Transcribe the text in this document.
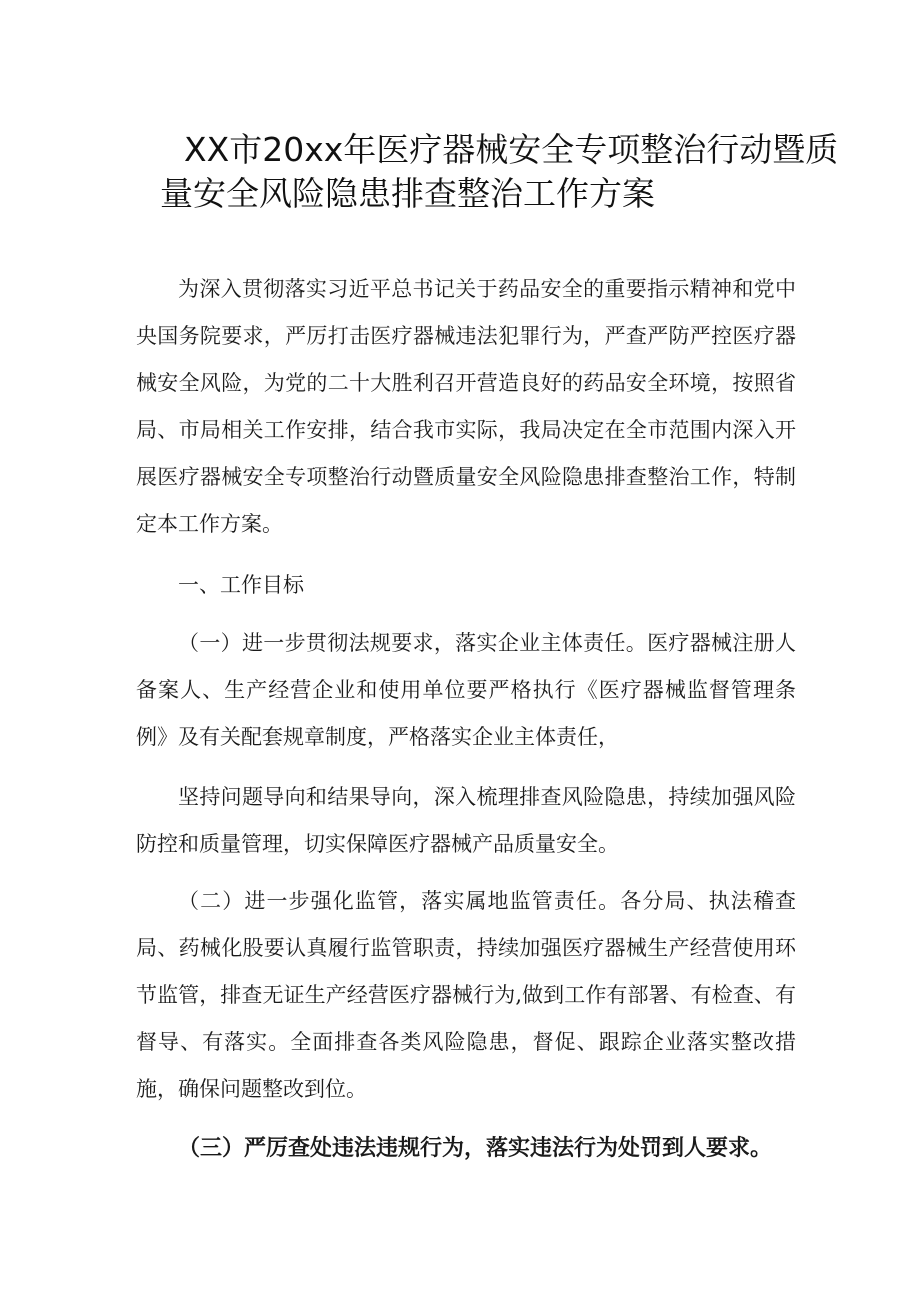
XX市20xx年医疗器械安全专项整治行动暨质
量安全风险隐患排查整治工作方案

为深入贯彻落实习近平总书记关于药品安全的重要指示精神和党中央国务院要求，严厉打击医疗器械违法犯罪行为，严查严防严控医疗器械安全风险，为党的二十大胜利召开营造良好的药品安全环境，按照省局、市局相关工作安排，结合我市实际，我局决定在全市范围内深入开展医疗器械安全专项整治行动暨质量安全风险隐患排查整治工作，特制定本工作方案。

一、工作目标

（一）进一步贯彻法规要求，落实企业主体责任。医疗器械注册人备案人、生产经营企业和使用单位要严格执行《医疗器械监督管理条例》及有关配套规章制度，严格落实企业主体责任，

坚持问题导向和结果导向，深入梳理排查风险隐患，持续加强风险防控和质量管理，切实保障医疗器械产品质量安全。

（二）进一步强化监管，落实属地监管责任。各分局、执法稽查局、药械化股要认真履行监管职责，持续加强医疗器械生产经营使用环节监管，排查无证生产经营医疗器械行为,做到工作有部署、有检查、有督导、有落实。全面排查各类风险隐患，督促、跟踪企业落实整改措施，确保问题整改到位。

（三）严厉查处违法违规行为，落实违法行为处罚到人要求。
